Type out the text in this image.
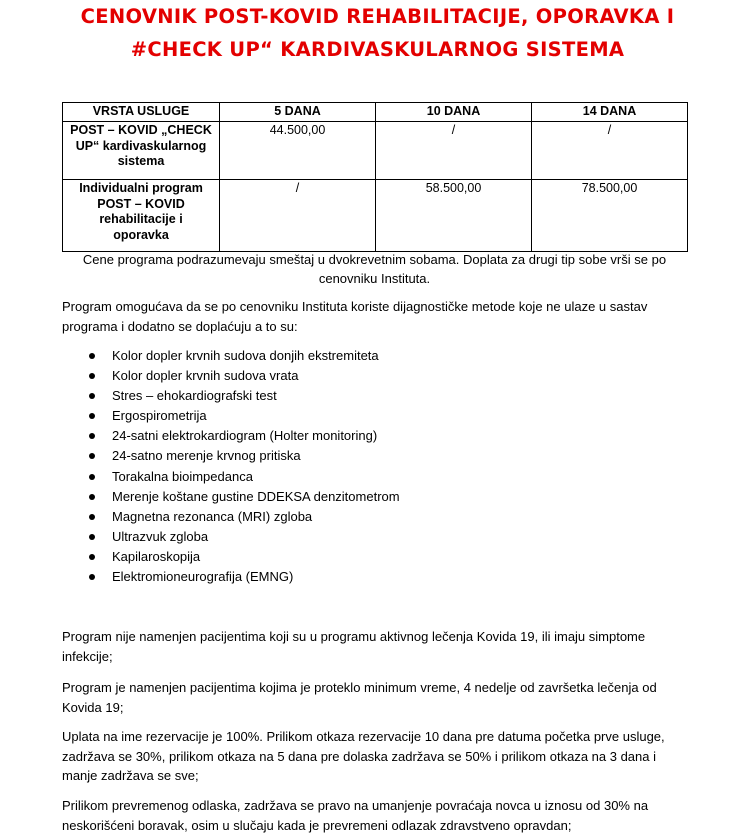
CENOVNIK POST-KOVID REHABILITACIJE, OPORAVKA I
#CHECK UP“ KARDIVASKULARNOG SISTEMA
VRSTA USLUGE	5 DANA	10 DANA	14 DANA

POST – KOVID „CHECK
UP“ kardivaskularnog
sistema	44.500,00	/	/

Individualni program
POST – KOVID
rehabilitacije i
oporavka	/	58.500,00	78.500,00
Cene programa podrazumevaju smeštaj u dvokrevetnim sobama. Doplata za drugi tip sobe vrši se po
cenovniku Instituta.
Program omogućava da se po cenovniku Instituta koriste dijagnostičke metode koje ne ulaze u sastav
programa i dodatno se doplaćuju a to su:
Kolor dopler krvnih sudova donjih ekstremiteta
Kolor dopler krvnih sudova vrata
Stres – ehokardiografski test
Ergospirometrija
24-satni elektrokardiogram (Holter monitoring)
24-satno merenje krvnog pritiska
Torakalna bioimpedanca
Merenje koštane gustine DDEKSA denzitometrom
Magnetna rezonanca (MRI) zgloba
Ultrazvuk zgloba
Kapilaroskopija
Elektromioneurografija (EMNG)
Program nije namenjen pacijentima koji su u programu aktivnog lečenja Kovida 19, ili imaju simptome
infekcije;
Program je namenjen pacijentima kojima je proteklo minimum vreme, 4 nedelje od završetka lečenja od
Kovida 19;
Uplata na ime rezervacije je 100%. Prilikom otkaza rezervacije 10 dana pre datuma početka prve usluge,
zadržava se 30%, prilikom otkaza na 5 dana pre dolaska zadržava se 50% i prilikom otkaza na 3 dana i
manje zadržava se sve;
Prilikom prevremenog odlaska, zadržava se pravo na umanjenje povraćaja novca u iznosu od 30% na
neskorišćeni boravak, osim u slučaju kada je prevremeni odlazak zdravstveno opravdan;
